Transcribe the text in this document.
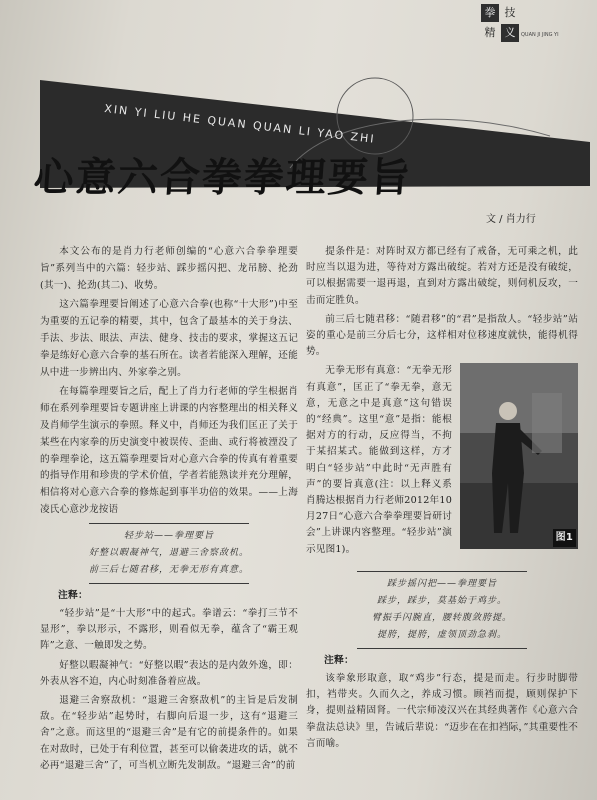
拳 技
精 义	QUAN JI JING YI
XIN YI LIU HE QUAN QUAN LI YAO ZHI
心意六合拳拳理要旨
文 / 肖力行

本文公布的是肖力行老师创编的“心意六合拳拳理要旨”系列当中的六篇：轻步站、踩步摇闪把、龙吊膀、抡劲(其一)、抡劲(其二)、收势。

这六篇拳理要旨阐述了心意六合拳(也称“十大形”)中至为重要的五记拳的精要，其中，包含了最基本的关于身法、手法、步法、眼法、声法、健身、技击的要求，掌握这五记拳是练好心意六合拳的基石所在。读者若能深入理解，还能从中进一步辨出内、外家拳之别。

在每篇拳理要旨之后，配上了肖力行老师的学生根据肖师在系列拳理要旨专题讲座上讲课的内容整理出的相关释义及肖师学生演示的拳照。释义中，肖师还为我们匡正了关于某些在内家拳的历史演变中被误传、歪曲、或行将被湮没了的拳理拳论，这五篇拳理要旨对心意六合拳的传真有着重要的指导作用和珍贵的学术价值，学者若能熟读并充分理解，相信将对心意六合拳的修炼起到事半功倍的效果。——上海凌氏心意沙龙按语

轻步站——拳理要旨
好整以暇凝神气，退避三舍察敌机。
前三后七随君移，无拳无形有真意。
注释：

“轻步站”是“十大形”中的起式。拳谱云：“拳打三节不显形”，拳以形示，不露形，则看似无拳，蕴含了“霸王观阵”之意、一触即发之势。

好整以暇凝神气：“好整以暇”表达的是内敛外逸，即：外表从容不迫，内心时刻准备着应战。

退避三舍察敌机：“退避三舍察敌机”的主旨是后发制敌。在“轻步站”起势时，右脚向后退一步，这有“退避三舍”之意。而这里的“退避三舍”是有它的前提条件的。如果在对敌时，已处于有利位置，甚至可以偷袭进攻的话，就不必再“退避三舍”了，可当机立断先发制敌。“退避三舍”的前

提条件是：对阵时双方都已经有了戒备，无可乘之机，此时应当以退为进，等待对方露出破绽。若对方还是没有破绽，可以根据需要一退再退，直到对方露出破绽，则伺机反攻，一击而定胜负。

前三后七随君移：“随君移”的“君”是指敌人。“轻步站”站姿的重心是前三分后七分，这样相对位移速度就快，能得机得势。

图1

无拳无形有真意：“无拳无形有真意”，匡正了“拳无拳，意无意，无意之中是真意”这句错误的“经典”。这里“意”是指：能根据对方的行动，反应得当，不拘于某招某式。能做到这样，方才明白“轻步站”中此时“无声胜有声”的要旨真意(注：以上释义系肖腾达根据肖力行老师2012年10月27日“心意六合拳拳理要旨研讨会”上讲课内容整理。“轻步站”演示见图1)。

踩步摇闪把——拳理要旨
踩步，踩步，莫基始于鸡步。
臂振手闪腕直，腰转腹敛胯提。
提胯，提胯，虚领顶劲急刹。
注释：

该拳象形取意，取“鸡步”行态，提是而走。行步时脚带扣，裆带夹。久而久之，养成习惯。顾裆而提，顾则保护下身，提则益精固肾。一代宗师凌汉兴在其经典著作《心意六合拳盘法总诀》里，告诫后辈说：“迈步在在扣裆际，”其重要性不言而喻。
